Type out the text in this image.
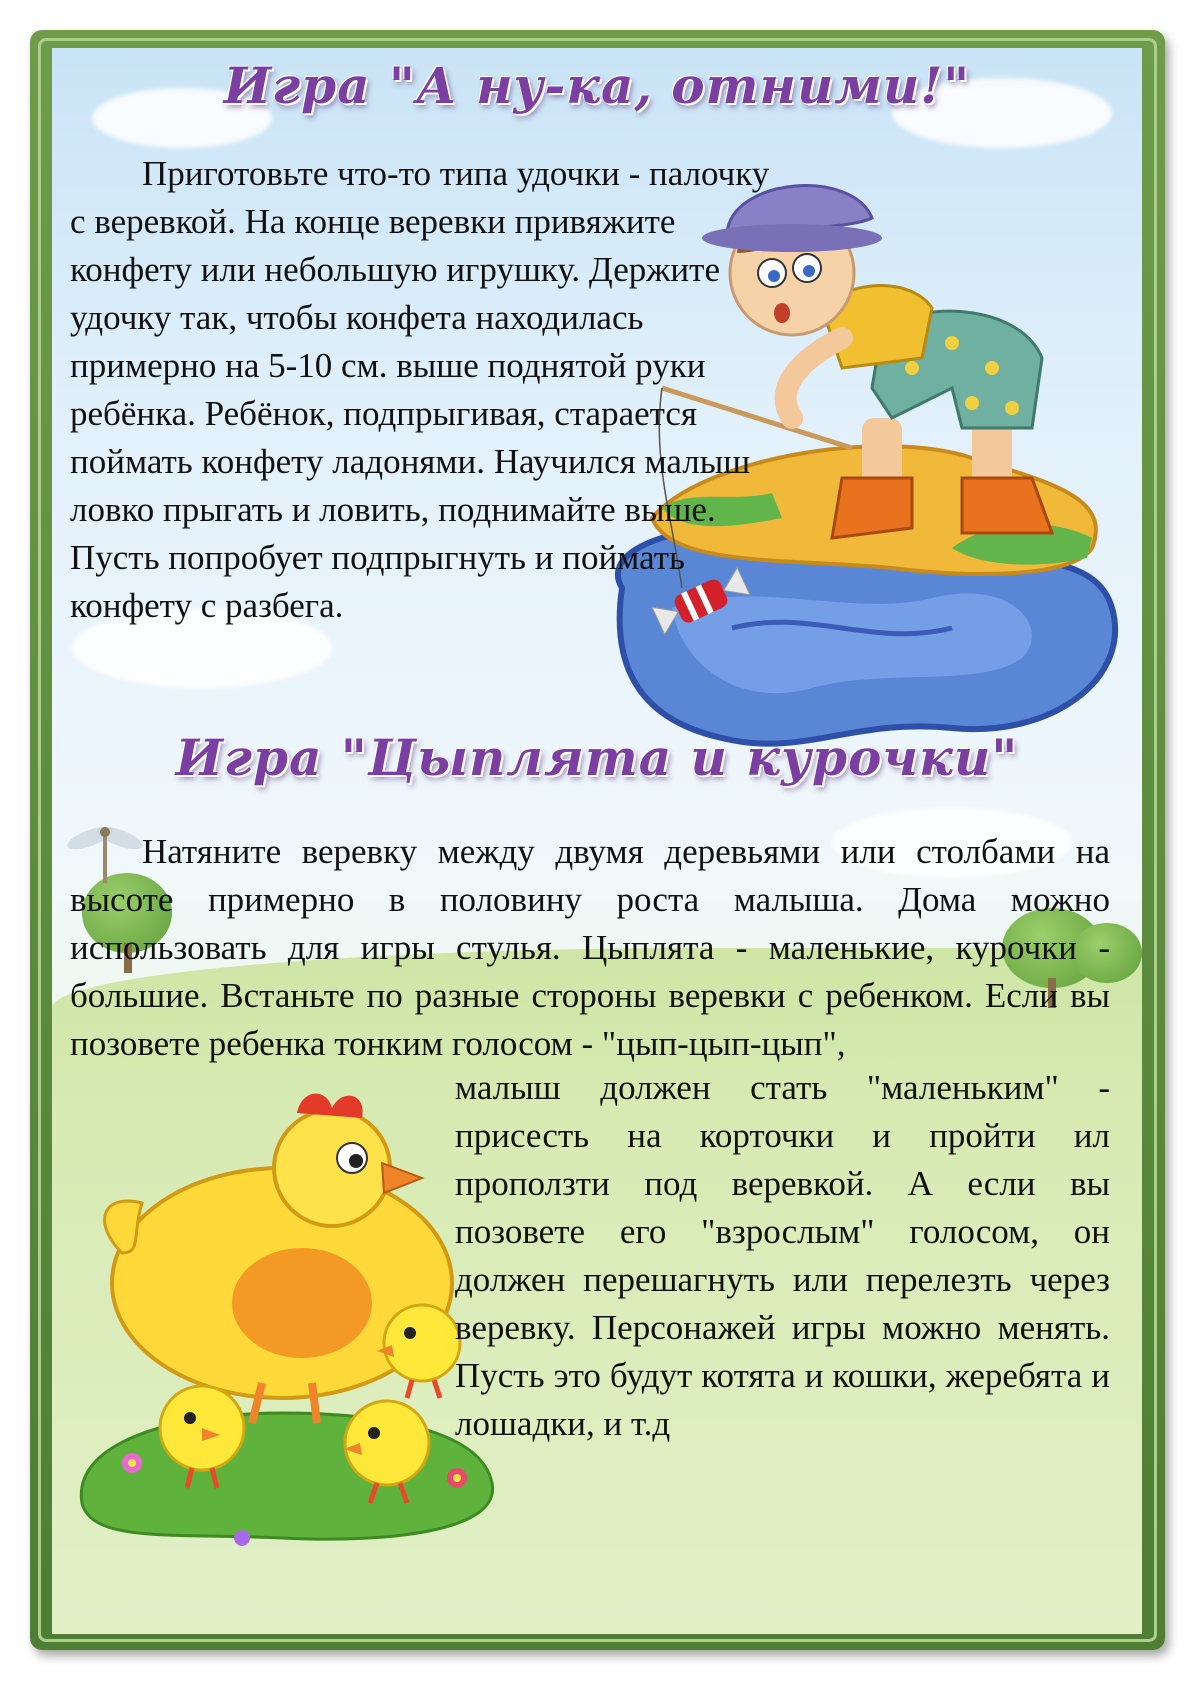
Игра "А ну-ка, отними!"

Приготовьте что-то типа удочки - палочку с веревкой. На конце веревки привяжите конфету или небольшую игрушку. Держите удочку так, чтобы конфета находилась примерно на 5-10 см. выше поднятой руки ребёнка. Ребёнок, подпрыгивая, старается поймать конфету ладонями. Научился малыш ловко прыгать и ловить, поднимайте выше. Пусть попробует подпрыгнуть и поймать конфету с разбега.

Игра "Цыплята и курочки"

Натяните веревку между двумя деревьями или столбами на высоте примерно в половину роста малыша. Дома можно использовать для игры стулья. Цыплята - маленькие, курочки - большие. Встаньте по разные стороны веревки с ребенком. Если вы позовете ребенка тонким голосом - "цып-цып-цып",

малыш должен стать "маленьким" - присесть на корточки и пройти ил проползти под веревкой. А если вы позовете его "взрослым" голосом, он должен перешагнуть или перелезть через веревку. Персонажей игры можно менять. Пусть это будут котята и кошки, жеребята и лошадки, и т.д
